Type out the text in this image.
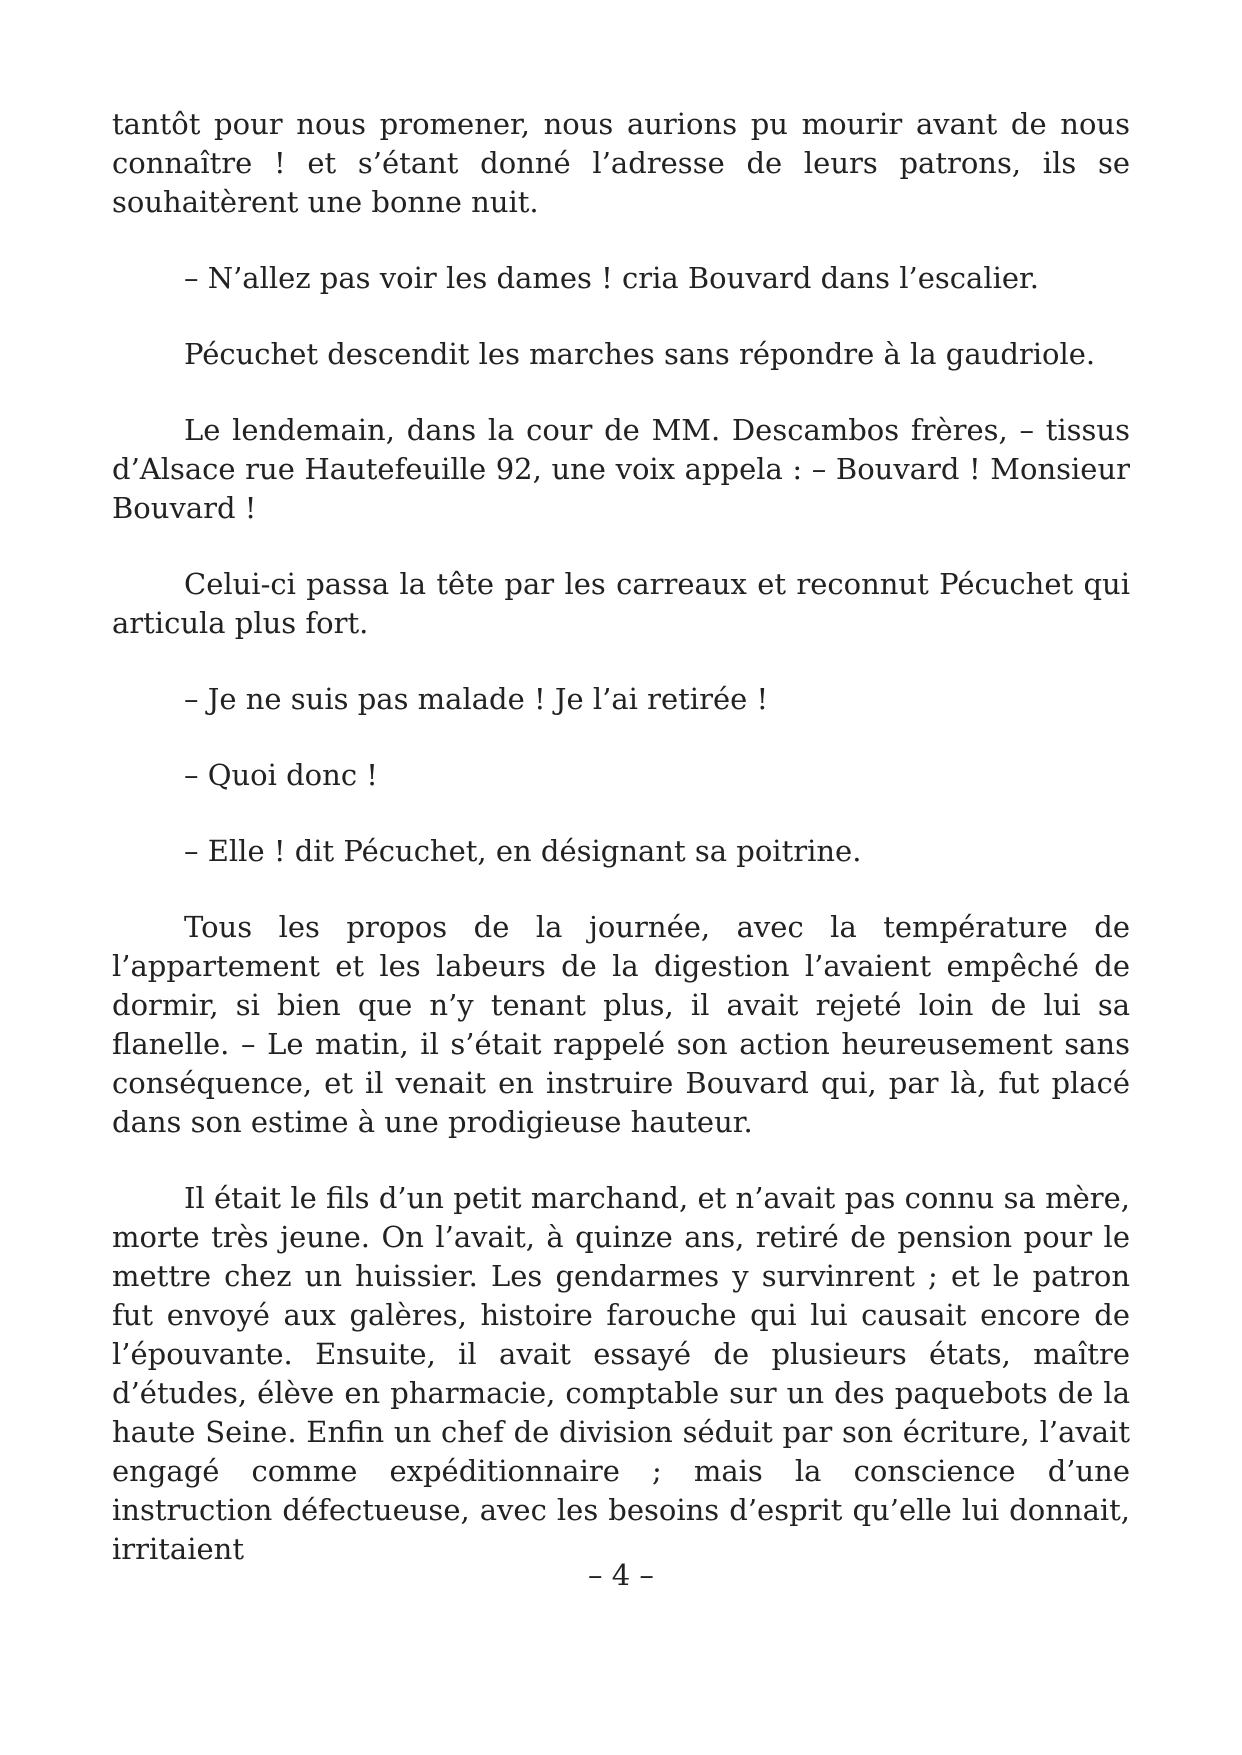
tantôt pour nous promener, nous aurions pu mourir avant de nous connaître ! et s’étant donné l’adresse de leurs patrons, ils se souhaitèrent une bonne nuit.

– N’allez pas voir les dames ! cria Bouvard dans l’escalier.

Pécuchet descendit les marches sans répondre à la gaudriole.

Le lendemain, dans la cour de MM. Descambos frères, – tissus d’Alsace rue Hautefeuille 92, une voix appela : – Bouvard ! Monsieur Bouvard !

Celui-ci passa la tête par les carreaux et reconnut Pécuchet qui articula plus fort.

– Je ne suis pas malade ! Je l’ai retirée !

– Quoi donc !

– Elle ! dit Pécuchet, en désignant sa poitrine.

Tous les propos de la journée, avec la température de l’appartement et les labeurs de la digestion l’avaient empêché de dormir, si bien que n’y tenant plus, il avait rejeté loin de lui sa flanelle. – Le matin, il s’était rappelé son action heureusement sans conséquence, et il venait en instruire Bouvard qui, par là, fut placé dans son estime à une prodigieuse hauteur.

Il était le fils d’un petit marchand, et n’avait pas connu sa mère, morte très jeune. On l’avait, à quinze ans, retiré de pension pour le mettre chez un huissier. Les gendarmes y survinrent ; et le patron fut envoyé aux galères, histoire farouche qui lui causait encore de l’épouvante. Ensuite, il avait essayé de plusieurs états, maître d’études, élève en pharmacie, comptable sur un des paquebots de la haute Seine. Enfin un chef de division séduit par son écriture, l’avait engagé comme expéditionnaire ; mais la conscience d’une instruction défectueuse, avec les besoins d’esprit qu’elle lui donnait, irritaient

– 4 –
